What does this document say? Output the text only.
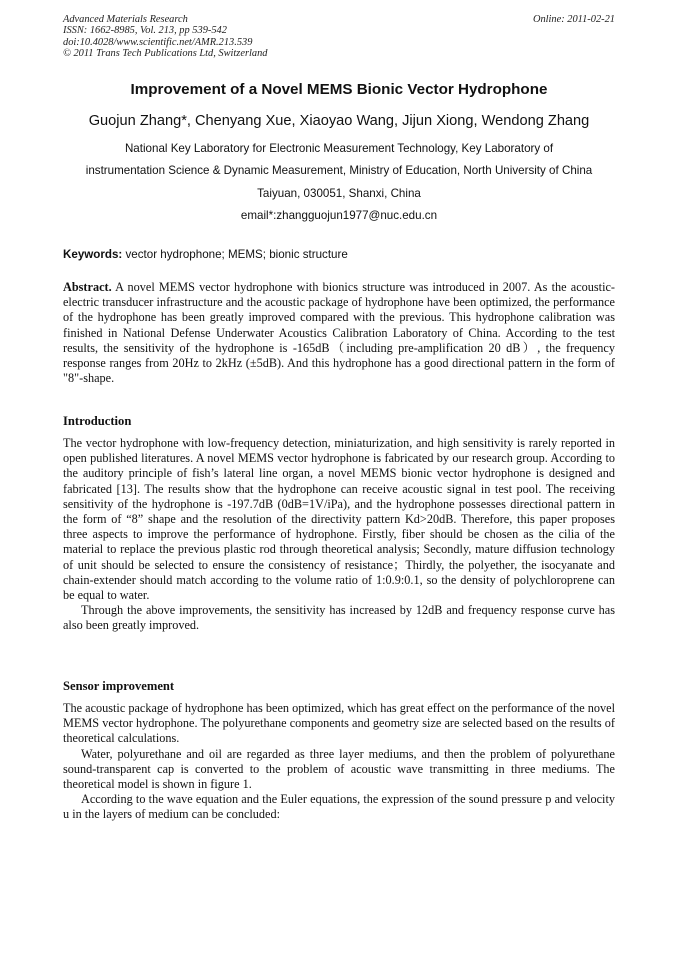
Advanced Materials Research
ISSN: 1662-8985, Vol. 213, pp 539-542
doi:10.4028/www.scientific.net/AMR.213.539
© 2011 Trans Tech Publications Ltd, Switzerland
Online: 2011-02-21
Improvement of a Novel MEMS Bionic Vector Hydrophone
Guojun Zhang*, Chenyang Xue, Xiaoyao Wang, Jijun Xiong, Wendong Zhang
National Key Laboratory for Electronic Measurement Technology, Key Laboratory of
instrumentation Science & Dynamic Measurement, Ministry of Education, North University of China
Taiyuan, 030051, Shanxi, China
email*:zhangguojun1977@nuc.edu.cn
Keywords: vector hydrophone; MEMS; bionic structure

Abstract. A novel MEMS vector hydrophone with bionics structure was introduced in 2007. As the acoustic-electric transducer infrastructure and the acoustic package of hydrophone have been optimized, the performance of the hydrophone has been greatly improved compared with the previous. This hydrophone calibration was finished in National Defense Underwater Acoustics Calibration Laboratory of China. According to the test results, the sensitivity of the hydrophone is -165dB（including pre-amplification 20 dB）, the frequency response ranges from 20Hz to 2kHz (±5dB). And this hydrophone has a good directional pattern in the form of "8"-shape.

Introduction

The vector hydrophone with low-frequency detection, miniaturization, and high sensitivity is rarely reported in open published literatures. A novel MEMS vector hydrophone is fabricated by our research group. According to the auditory principle of fish’s lateral line organ, a novel MEMS bionic vector hydrophone is designed and fabricated [13]. The results show that the hydrophone can receive acoustic signal in test pool. The receiving sensitivity of the hydrophone is -197.7dB (0dB=1V/iPa), and the hydrophone possesses directional pattern in the form of “8” shape and the resolution of the directivity pattern Kd>20dB. Therefore, this paper proposes three aspects to improve the performance of hydrophone. Firstly, fiber should be chosen as the cilia of the material to replace the previous plastic rod through theoretical analysis; Secondly, mature diffusion technology of unit should be selected to ensure the consistency of resistance；Thirdly, the polyether, the isocyanate and chain-extender should match according to the volume ratio of 1:0.9:0.1, so the density of polychloroprene can be equal to water.

Through the above improvements, the sensitivity has increased by 12dB and frequency response curve has also been greatly improved.

Sensor improvement

The acoustic package of hydrophone has been optimized, which has great effect on the performance of the novel MEMS vector hydrophone. The polyurethane components and geometry size are selected based on the results of theoretical calculations.

Water, polyurethane and oil are regarded as three layer mediums, and then the problem of polyurethane sound-transparent cap is converted to the problem of acoustic wave transmitting in three mediums. The theoretical model is shown in figure 1.

According to the wave equation and the Euler equations, the expression of the sound pressure p and velocity u in the layers of medium can be concluded:
